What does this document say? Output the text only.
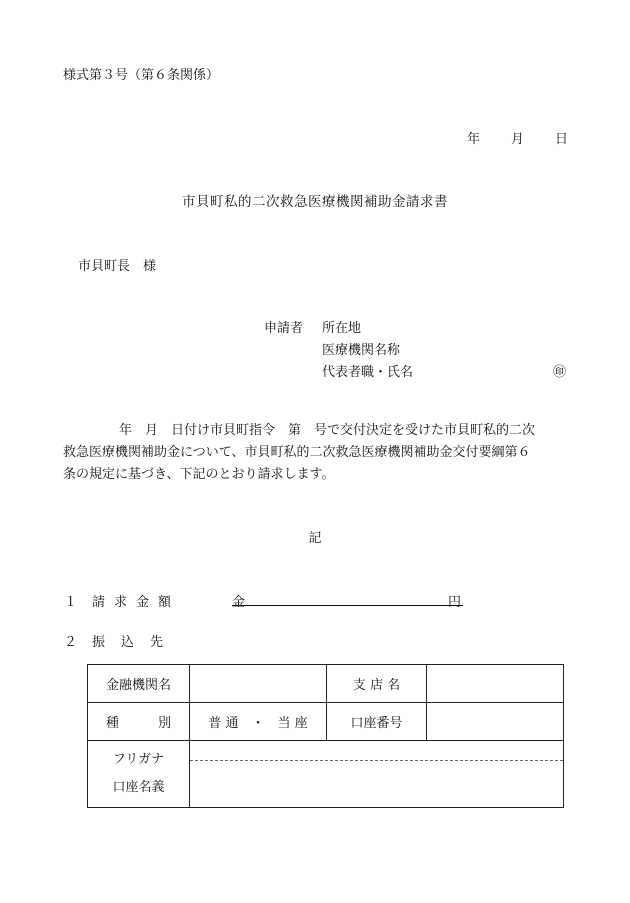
様式第３号（第６条関係）
年 月 日
市貝町私的二次救急医療機関補助金請求書
市貝町長　様
申請者 所在地
医療機関名称
代表者職・氏名	㊞

年　月　日付け市貝町指令　第　号で交付決定を受けた市貝町私的二次

救急医療機関補助金について、市貝町私的二次救急医療機関補助金交付要綱第６

条の規定に基づき、下記のとおり請求します。

記
１ 請求金額	金	円
２ 振込先
金融機関名		支 店 名	
種　　　別	普 通　・　当 座	口座番号	

フリガナ
口座名義			
